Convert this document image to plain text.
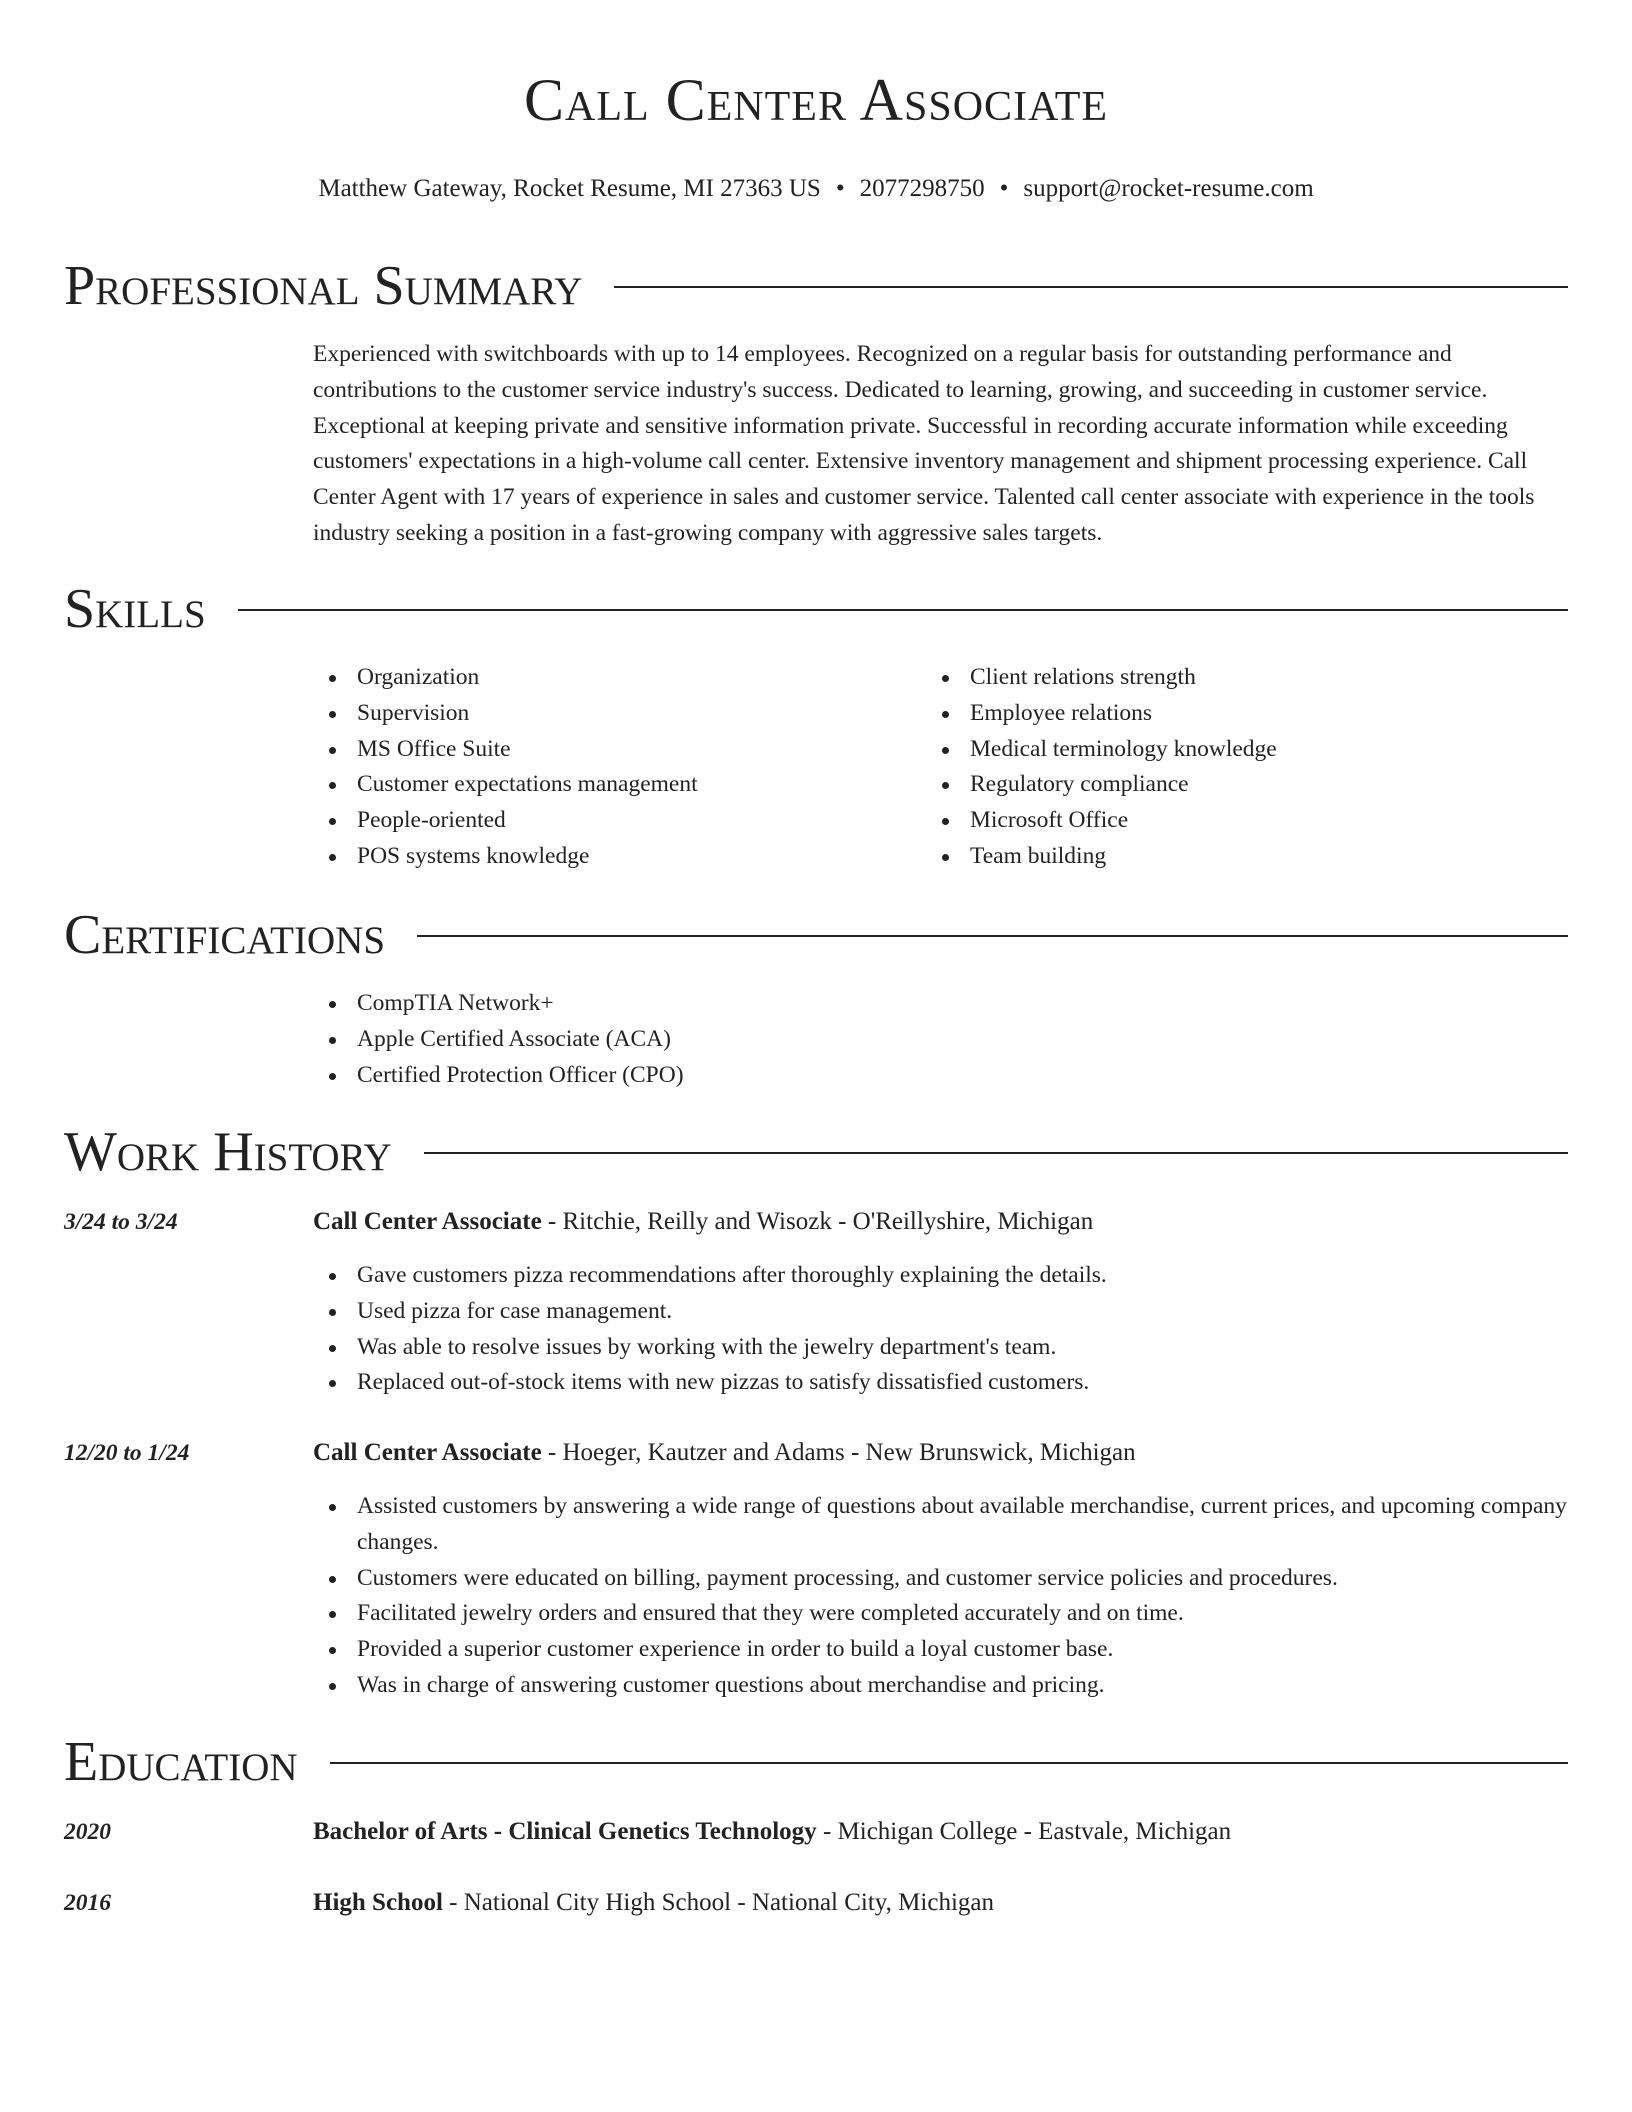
Call Center Associate
Matthew Gateway, Rocket Resume, MI 27363 US • 2077298750 • support@rocket-resume.com
Professional Summary

Experienced with switchboards with up to 14 employees. Recognized on a regular basis for outstanding performance and contributions to the customer service industry's success. Dedicated to learning, growing, and succeeding in customer service. Exceptional at keeping private and sensitive information private. Successful in recording accurate information while exceeding customers' expectations in a high-volume call center. Extensive inventory management and shipment processing experience. Call Center Agent with 17 years of experience in sales and customer service. Talented call center associate with experience in the tools industry seeking a position in a fast-growing company with aggressive sales targets.

Skills
Organization
Supervision
MS Office Suite
Customer expectations management
People-oriented
POS systems knowledge
Client relations strength
Employee relations
Medical terminology knowledge
Regulatory compliance
Microsoft Office
Team building
Certifications
CompTIA Network+
Apple Certified Associate (ACA)
Certified Protection Officer (CPO)
Work History
3/24 to 3/24	Call Center Associate - Ritchie, Reilly and Wisozk - O'Reillyshire, Michigan
Gave customers pizza recommendations after thoroughly explaining the details.
Used pizza for case management.
Was able to resolve issues by working with the jewelry department's team.
Replaced out-of-stock items with new pizzas to satisfy dissatisfied customers.
12/20 to 1/24	Call Center Associate - Hoeger, Kautzer and Adams - New Brunswick, Michigan
Assisted customers by answering a wide range of questions about available merchandise, current prices, and upcoming company changes.
Customers were educated on billing, payment processing, and customer service policies and procedures.
Facilitated jewelry orders and ensured that they were completed accurately and on time.
Provided a superior customer experience in order to build a loyal customer base.
Was in charge of answering customer questions about merchandise and pricing.
Education
2020	Bachelor of Arts - Clinical Genetics Technology - Michigan College - Eastvale, Michigan
2016	High School - National City High School - National City, Michigan
